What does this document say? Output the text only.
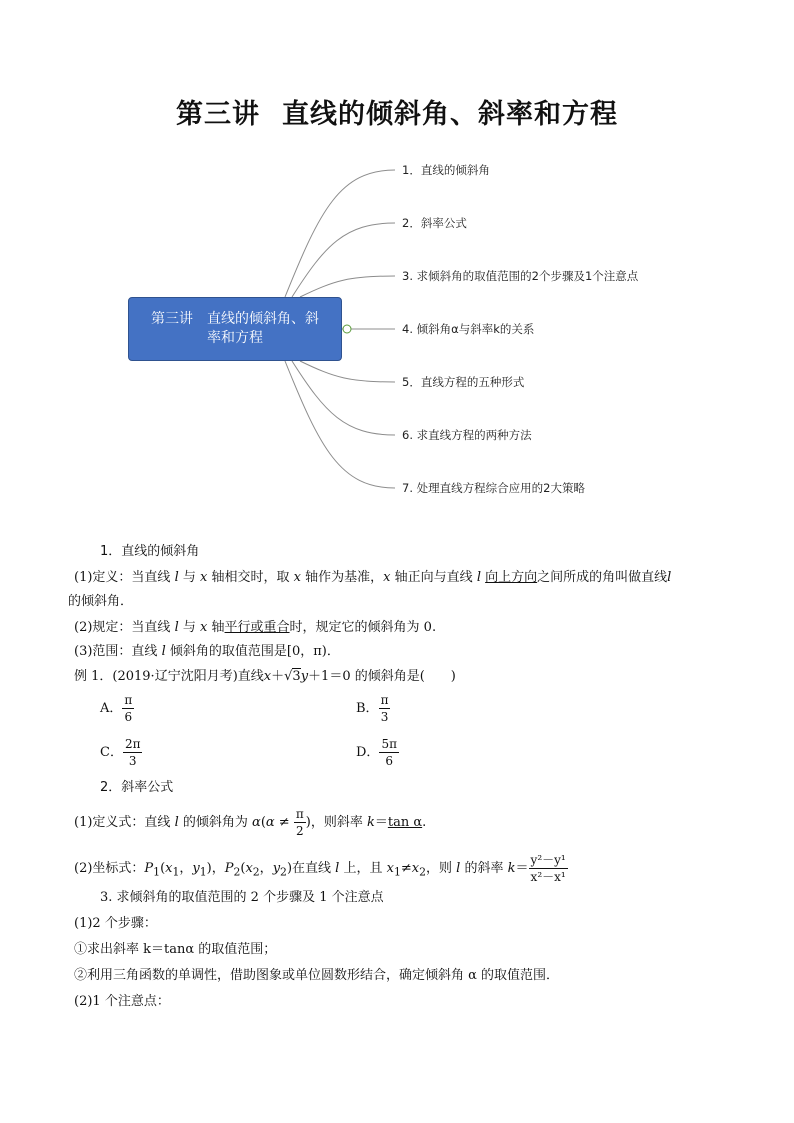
第三讲 直线的倾斜角、斜率和方程
第三讲　直线的倾斜角、斜
率和方程
1．直线的倾斜角
2．斜率公式
3. 求倾斜角的取值范围的2个步骤及1个注意点
4. 倾斜角α与斜率k的关系
5．直线方程的五种形式
6. 求直线方程的两种方法
7. 处理直线方程综合应用的2大策略
1．直线的倾斜角
(1)定义：当直线 l 与 x 轴相交时，取 x 轴作为基准，x 轴正向与直线 l 向上方向之间所成的角叫做直线l
的倾斜角．
(2)规定：当直线 l 与 x 轴平行或重合时，规定它的倾斜角为 0.
(3)范围：直线 l 倾斜角的取值范围是[0，π)．
例 1．(2019·辽宁沈阳月考)直线x＋√3y＋1＝0 的倾斜角是(　　)
A． $\frac{\pi}{6}$	B． $\frac{\pi}{3}$
C． $\frac{2\pi}{3}$	D． $\frac{5\pi}{6}$
2．斜率公式
(1)定义式：直线 l 的倾斜角为 $\alpha(\alpha \ne \frac{\pi}{2}$ )，则斜率 k＝tan α.
(2)坐标式：$P_1(x_1$，$y_1$)，$P_2(x_2$，$y_2$)在直线 l 上，且 $x_1\ne x_2$，则 l 的斜率 $k= \frac{\text{y²－y¹}}{\text{x²－x¹}}$
3. 求倾斜角的取值范围的 2 个步骤及 1 个注意点
(1)2 个步骤：
①求出斜率 k＝tanα 的取值范围；
②利用三角函数的单调性，借助图象或单位圆数形结合，确定倾斜角 α 的取值范围．
(2)1 个注意点：
